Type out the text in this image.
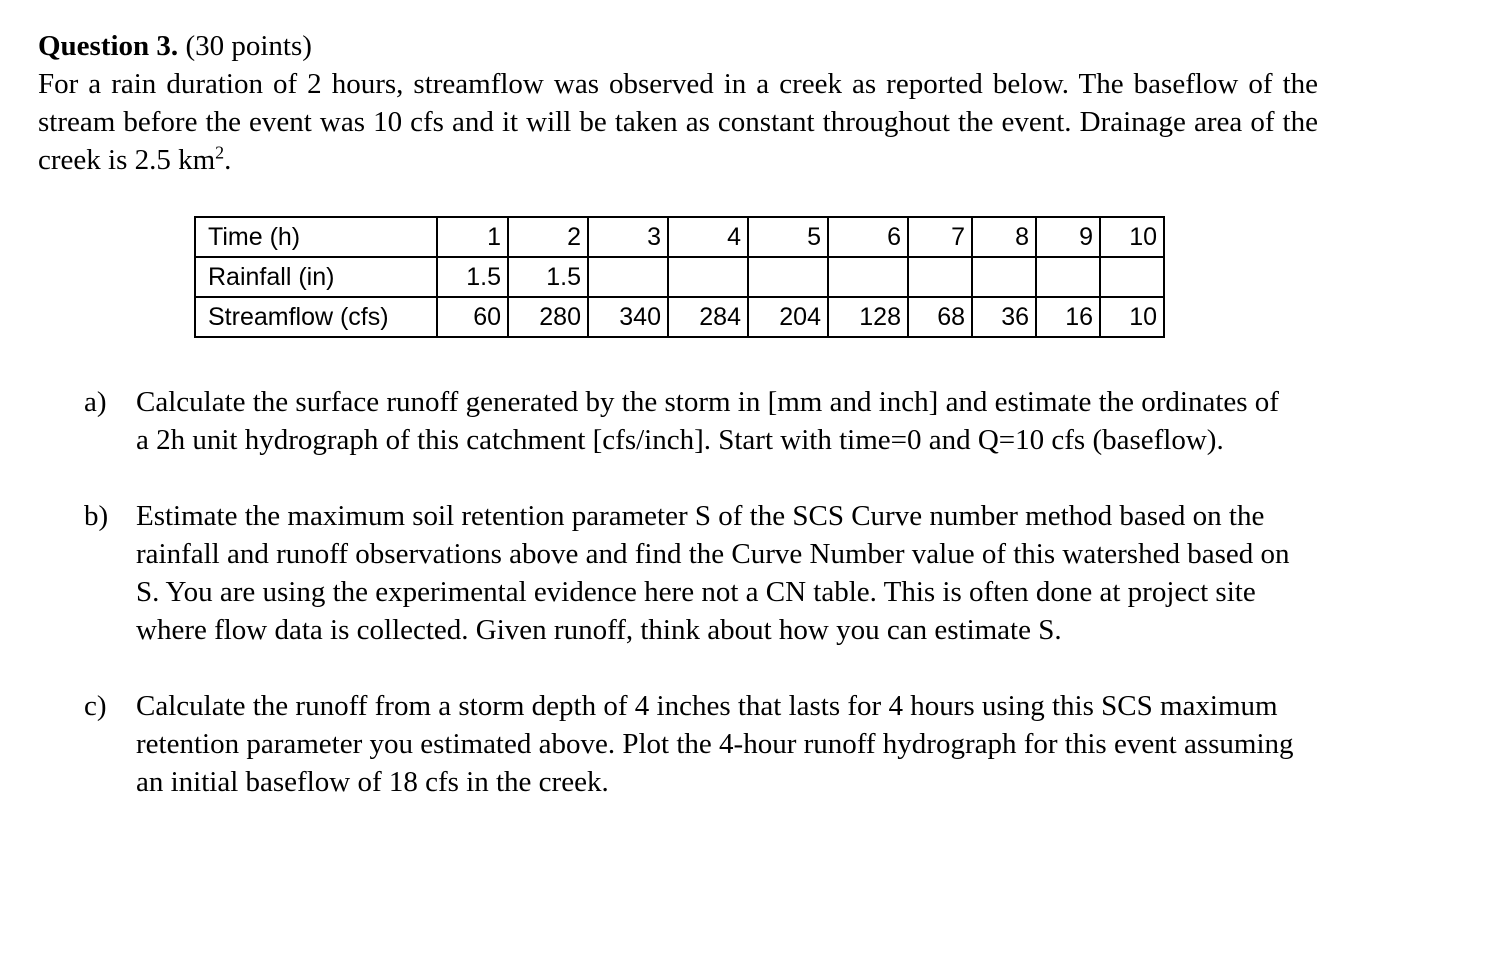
Question 3. (30 points)

For a rain duration of 2 hours, streamflow was observed in a creek as reported below. The baseflow of the stream before the event was 10 cfs and it will be taken as constant throughout the event. Drainage area of the creek is 2.5 $km^2$.

Time (h)	1	2	3	4	5	6	7	8	9	10
Rainfall (in)	1.5	1.5								
Streamflow (cfs)	60	280	340	284	204	128	68	36	16	10
a)	Calculate the surface runoff generated by the storm in [mm and inch] and estimate the ordinates of a 2h unit hydrograph of this catchment [cfs/inch]. Start with time=0 and Q=10 cfs (baseflow).
b) Estimate the maximum soil retention parameter S of the SCS Curve number method based on the rainfall and runoff observations above and find the Curve Number value of this watershed based on S. You are using the experimental evidence here not a CN table. This is often done at project site where flow data is collected. Given runoff, think about how you can estimate S.
c)	Calculate the runoff from a storm depth of 4 inches that lasts for 4 hours using this SCS maximum retention parameter you estimated above. Plot the 4-hour runoff hydrograph for this event assuming an initial baseflow of 18 cfs in the creek.
